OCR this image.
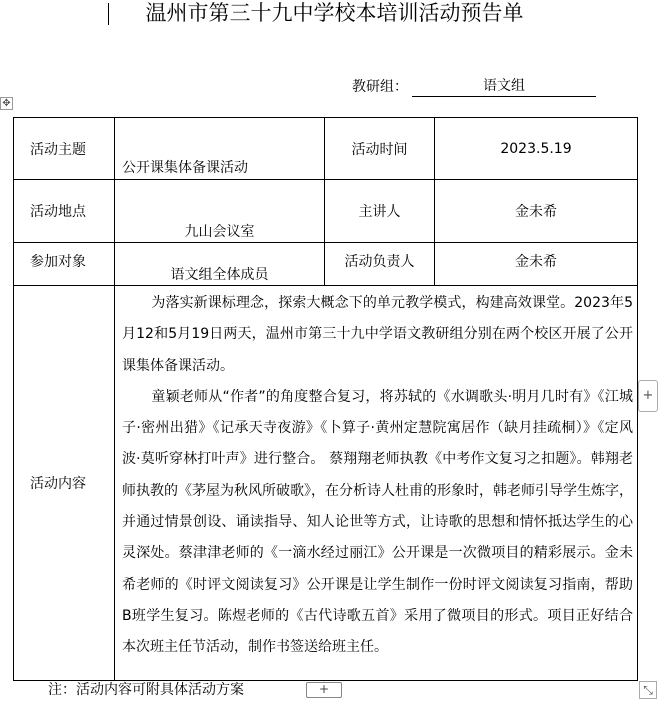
温州市第三十九中学校本培训活动预告单
教研组：	语文组
✥
活动主题	公开课集体备课活动	活动时间	2023.5.19
活动地点	九山会议室	主讲人	金未希
参加对象	语文组全体成员	活动负责人	金未希
活动内容	为落实新课标理念，探索大概念下的单元教学模式，构建高效课堂。2023年5月12和5月19日两天，温州市第三十九中学语文教研组分别在两个校区开展了公开课集体备课活动。

童颖老师从“作者”的角度整合复习，将苏轼的《水调歌头·明月几时有》《江城子·密州出猎》《记承天寺夜游》《卜算子·黄州定慧院寓居作（缺月挂疏桐）》《定风波·莫听穿林打叶声》进行整合。 蔡翔翔老师执教《中考作文复习之扣题》。韩翔老师执教的《茅屋为秋风所破歌》，在分析诗人杜甫的形象时，韩老师引导学生炼字，并通过情景创设、诵读指导、知人论世等方式，让诗歌的思想和情怀抵达学生的心灵深处。蔡津津老师的《一滴水经过丽江》公开课是一次微项目的精彩展示。金未希老师的《时评文阅读复习》公开课是让学生制作一份时评文阅读复习指南，帮助B班学生复习。陈煜老师的《古代诗歌五首》采用了微项目的形式。项目正好结合本次班主任节活动，制作书签送给班主任。		

+
注：活动内容可附具体活动方案	+	⤡
